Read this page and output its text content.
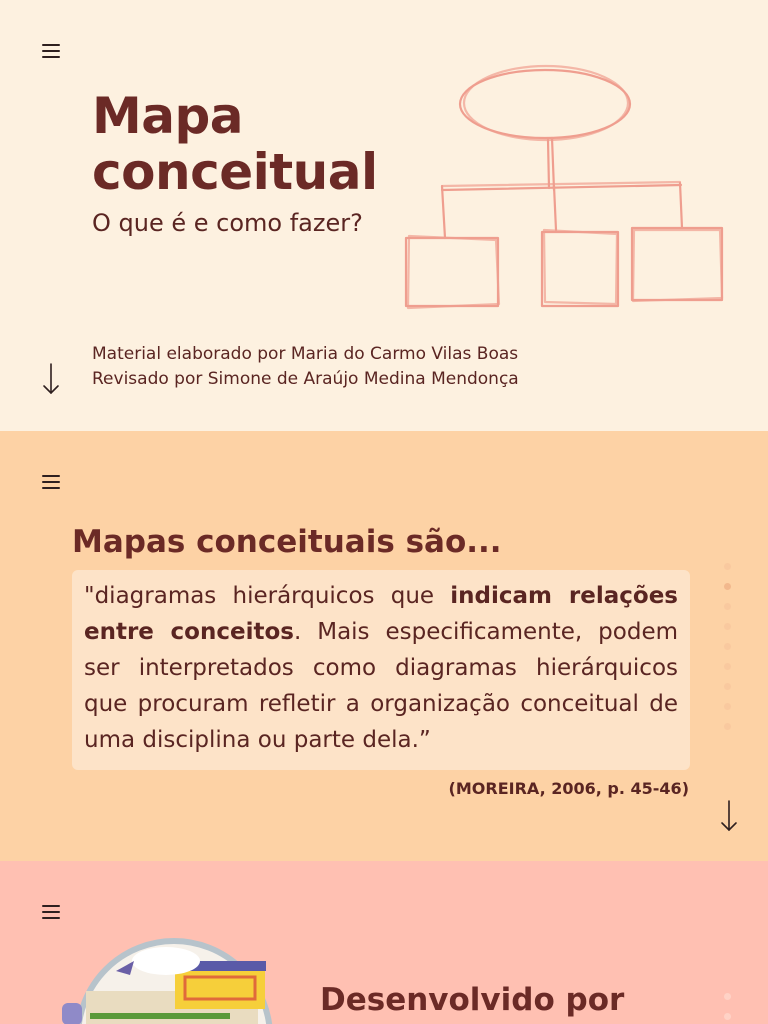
Mapa
conceitual

O que é e como fazer?

Material elaborado por Maria do Carmo Vilas Boas
Revisado por Simone de Araújo Medina Mendonça
Mapas conceituais são...

"diagramas hierárquicos que indicam relações entre conceitos. Mais especificamente, podem ser interpretados como diagramas hierárquicos que procuram refletir a organização conceitual de uma disciplina ou parte dela.”

(MOREIRA, 2006, p. 45-46)
Desenvolvido por
